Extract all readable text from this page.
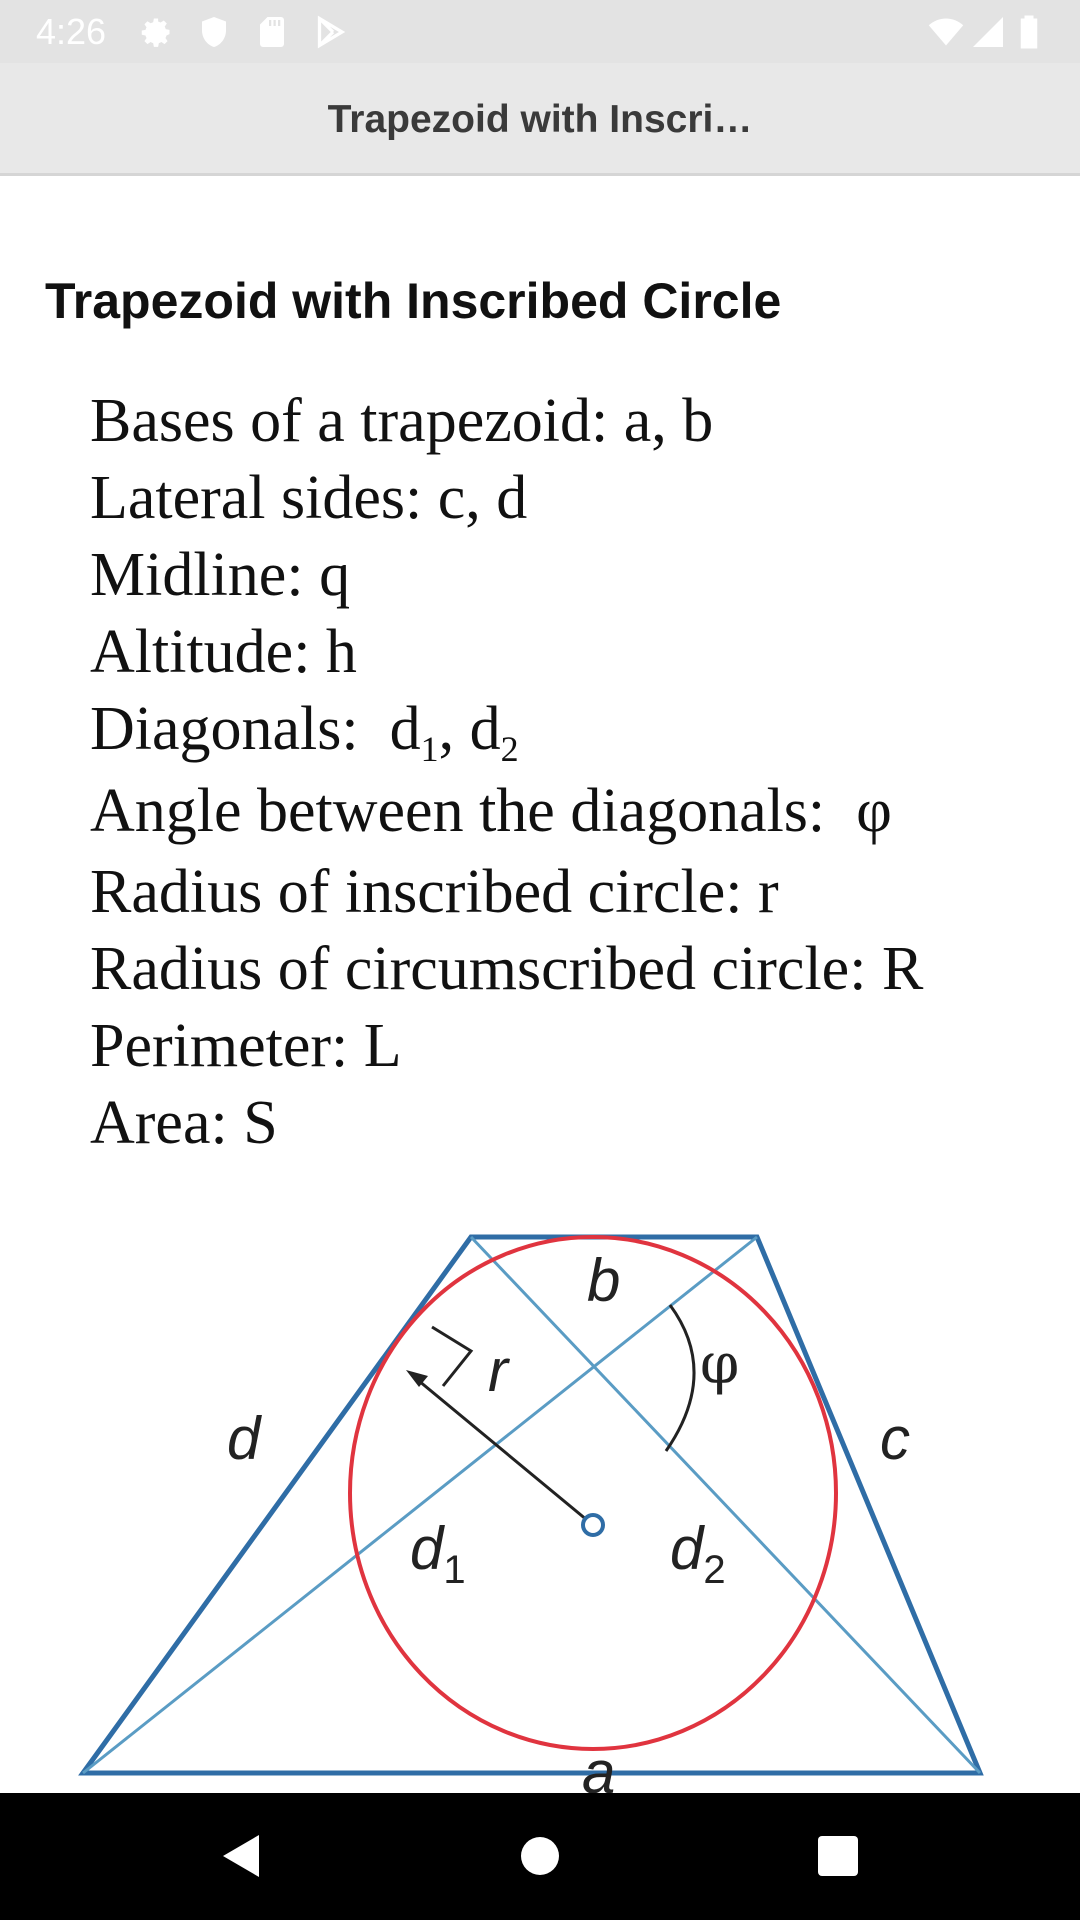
4:26
Trapezoid with Inscri…
Trapezoid with Inscribed Circle
Bases of a trapezoid: a, b
Lateral sides: c, d
Midline: q
Altitude: h
Diagonals:  $d_1$, $d_2$
Angle between the diagonals:  φ
Radius of inscribed circle: r
Radius of circumscribed circle: R
Perimeter: L
Area: S
b
r	φ
d	c
$d_1$	$d_2$
a
